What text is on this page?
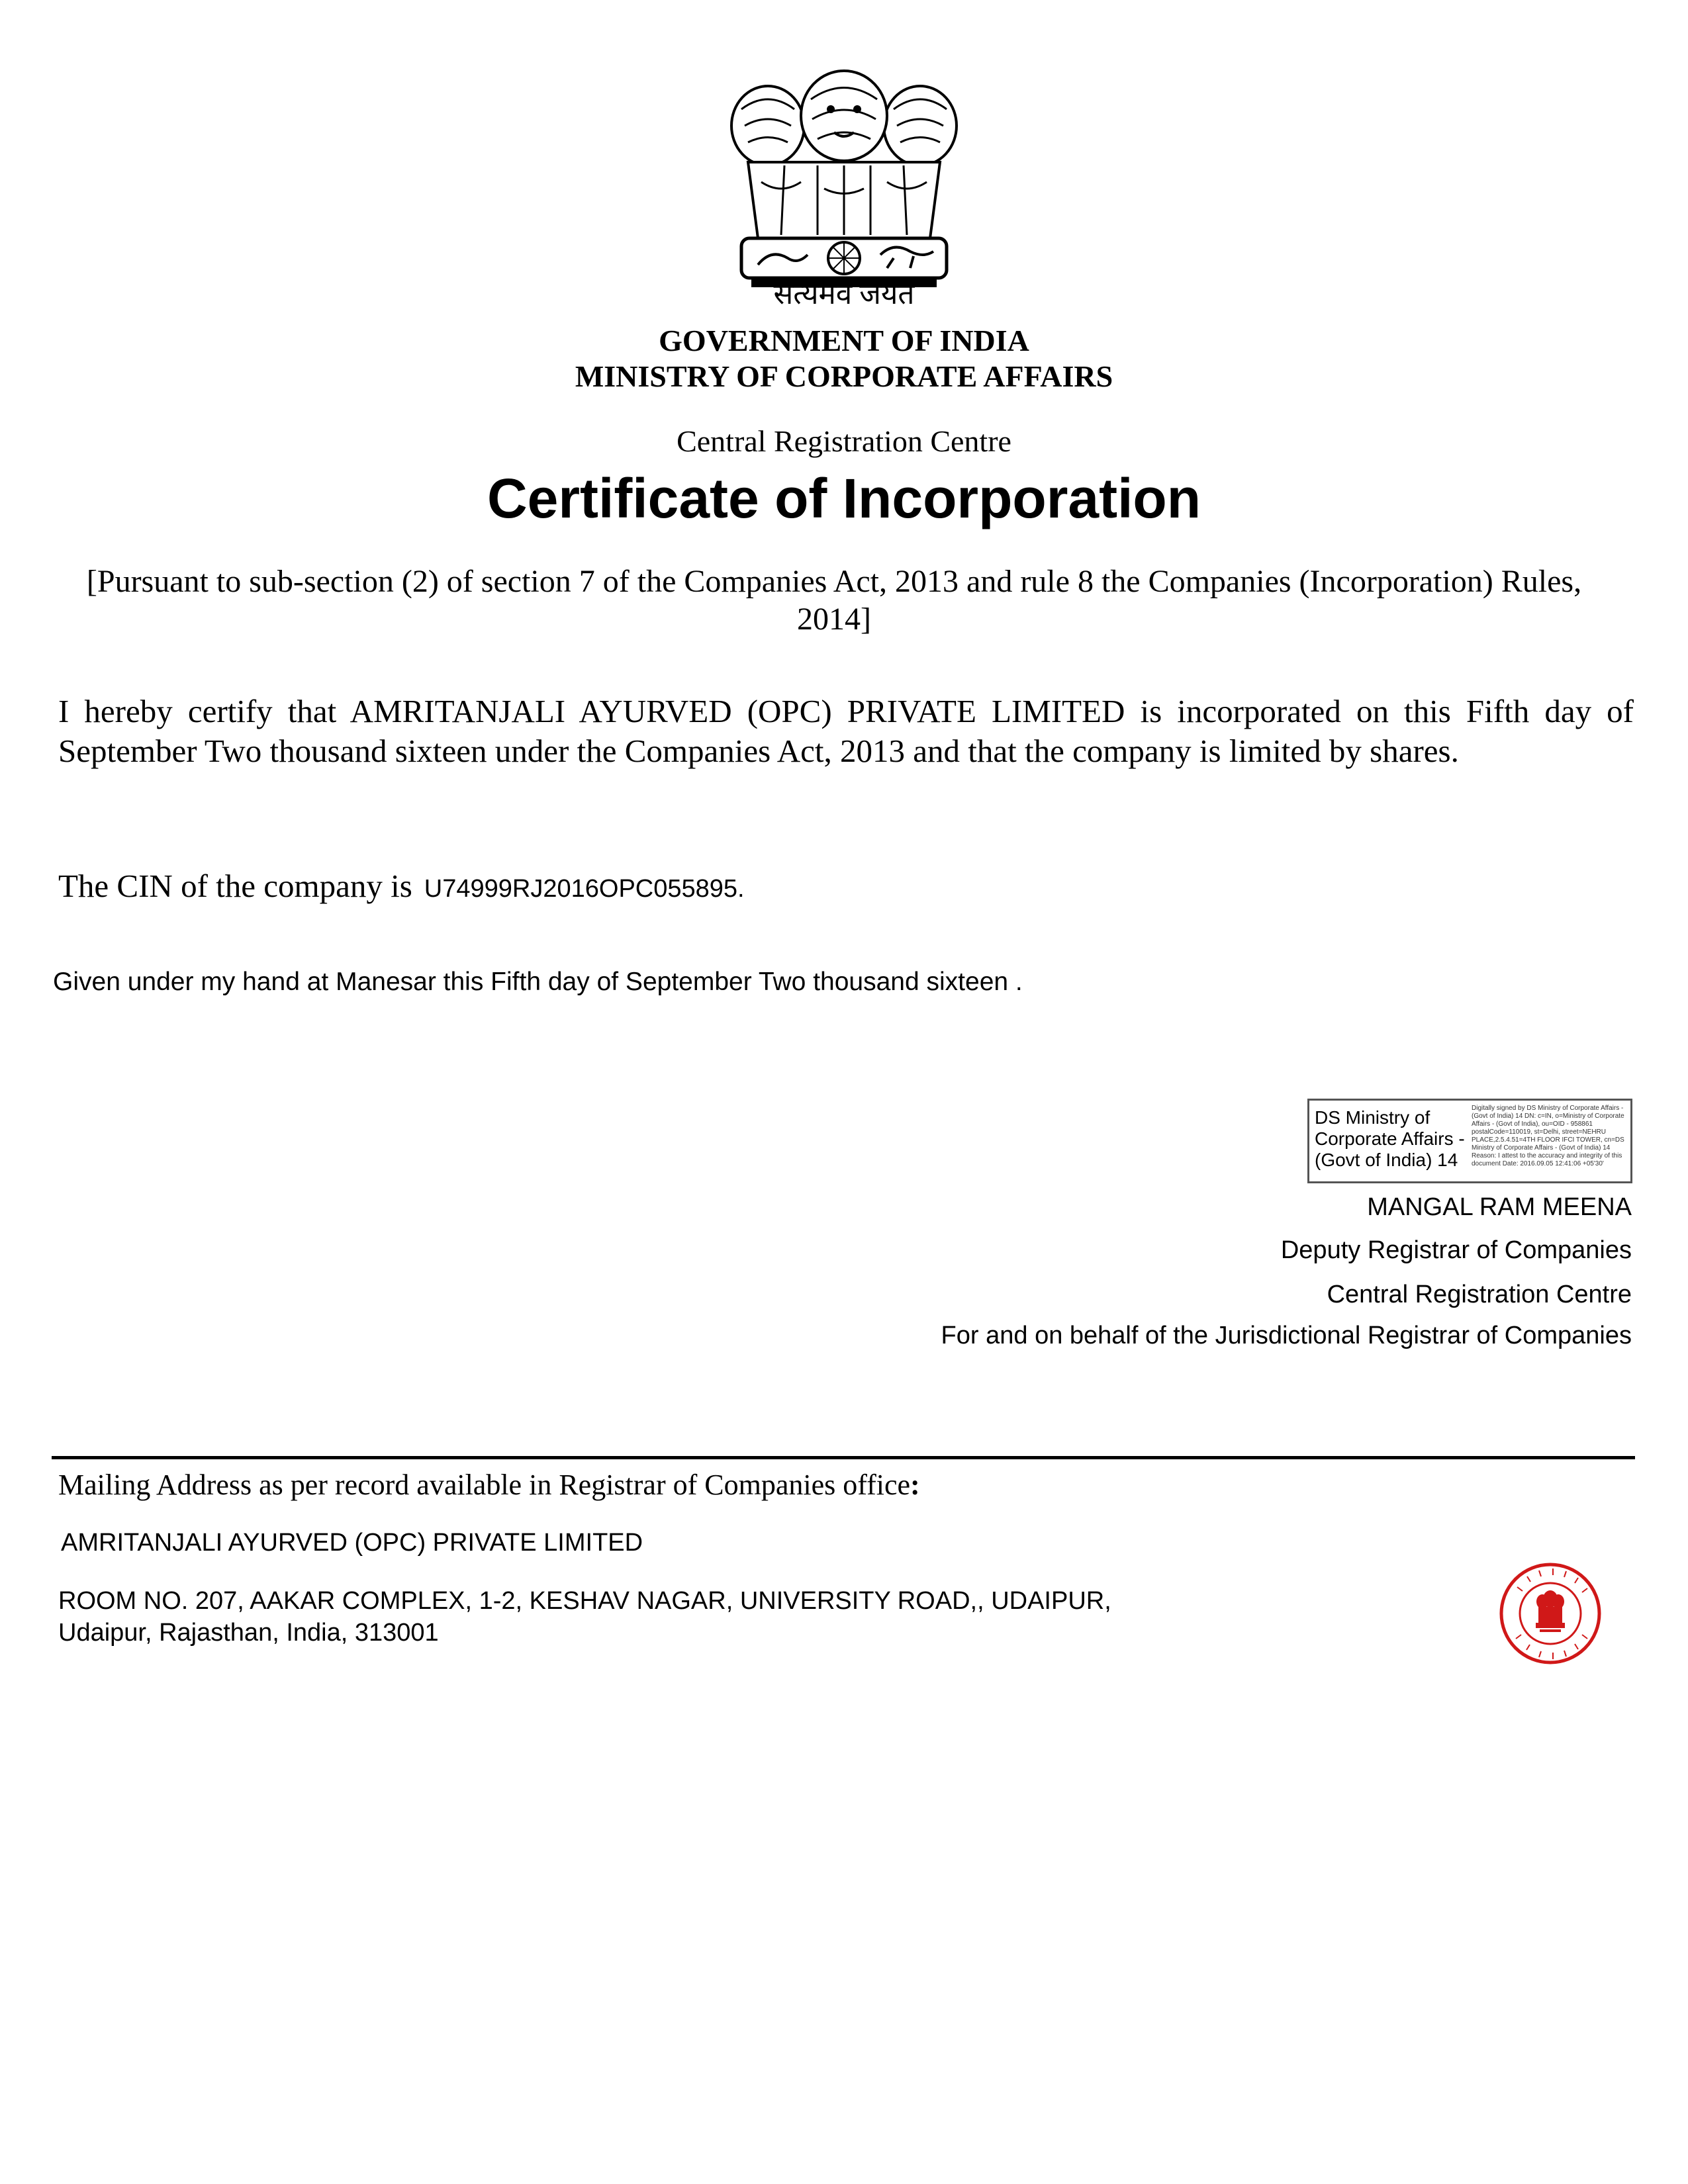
सत्यमेव जयते
GOVERNMENT OF INDIA
MINISTRY OF CORPORATE AFFAIRS
Central Registration Centre
Certificate of Incorporation
[Pursuant to sub-section (2) of section 7 of the Companies Act, 2013 and rule 8 the Companies (Incorporation) Rules, 2014]
I hereby certify that AMRITANJALI AYURVED (OPC) PRIVATE LIMITED is incorporated on this Fifth day of September Two thousand sixteen under the Companies Act, 2013 and that the company is limited by shares.
The CIN of the company is U74999RJ2016OPC055895.
Given under my hand at Manesar this Fifth day of September Two thousand sixteen .
DS Ministry of Corporate Affairs - (Govt of India) 14
Digitally signed by DS Ministry of Corporate Affairs - (Govt of India) 14 DN: c=IN, o=Ministry of Corporate Affairs - (Govt of India), ou=OID - 958861 postalCode=110019, st=Delhi, street=NEHRU PLACE,2.5.4.51=4TH FLOOR IFCI TOWER, cn=DS Ministry of Corporate Affairs - (Govt of India) 14 Reason: I attest to the accuracy and integrity of this document Date: 2016.09.05 12:41:06 +05'30'
MANGAL RAM MEENA
Deputy Registrar of Companies
Central Registration Centre
For and on behalf of the Jurisdictional Registrar of Companies
Mailing Address as per record available in Registrar of Companies office:
AMRITANJALI AYURVED (OPC) PRIVATE LIMITED
ROOM NO. 207, AAKAR COMPLEX, 1-2, KESHAV NAGAR, UNIVERSITY ROAD,, UDAIPUR,
Udaipur, Rajasthan, India, 313001
